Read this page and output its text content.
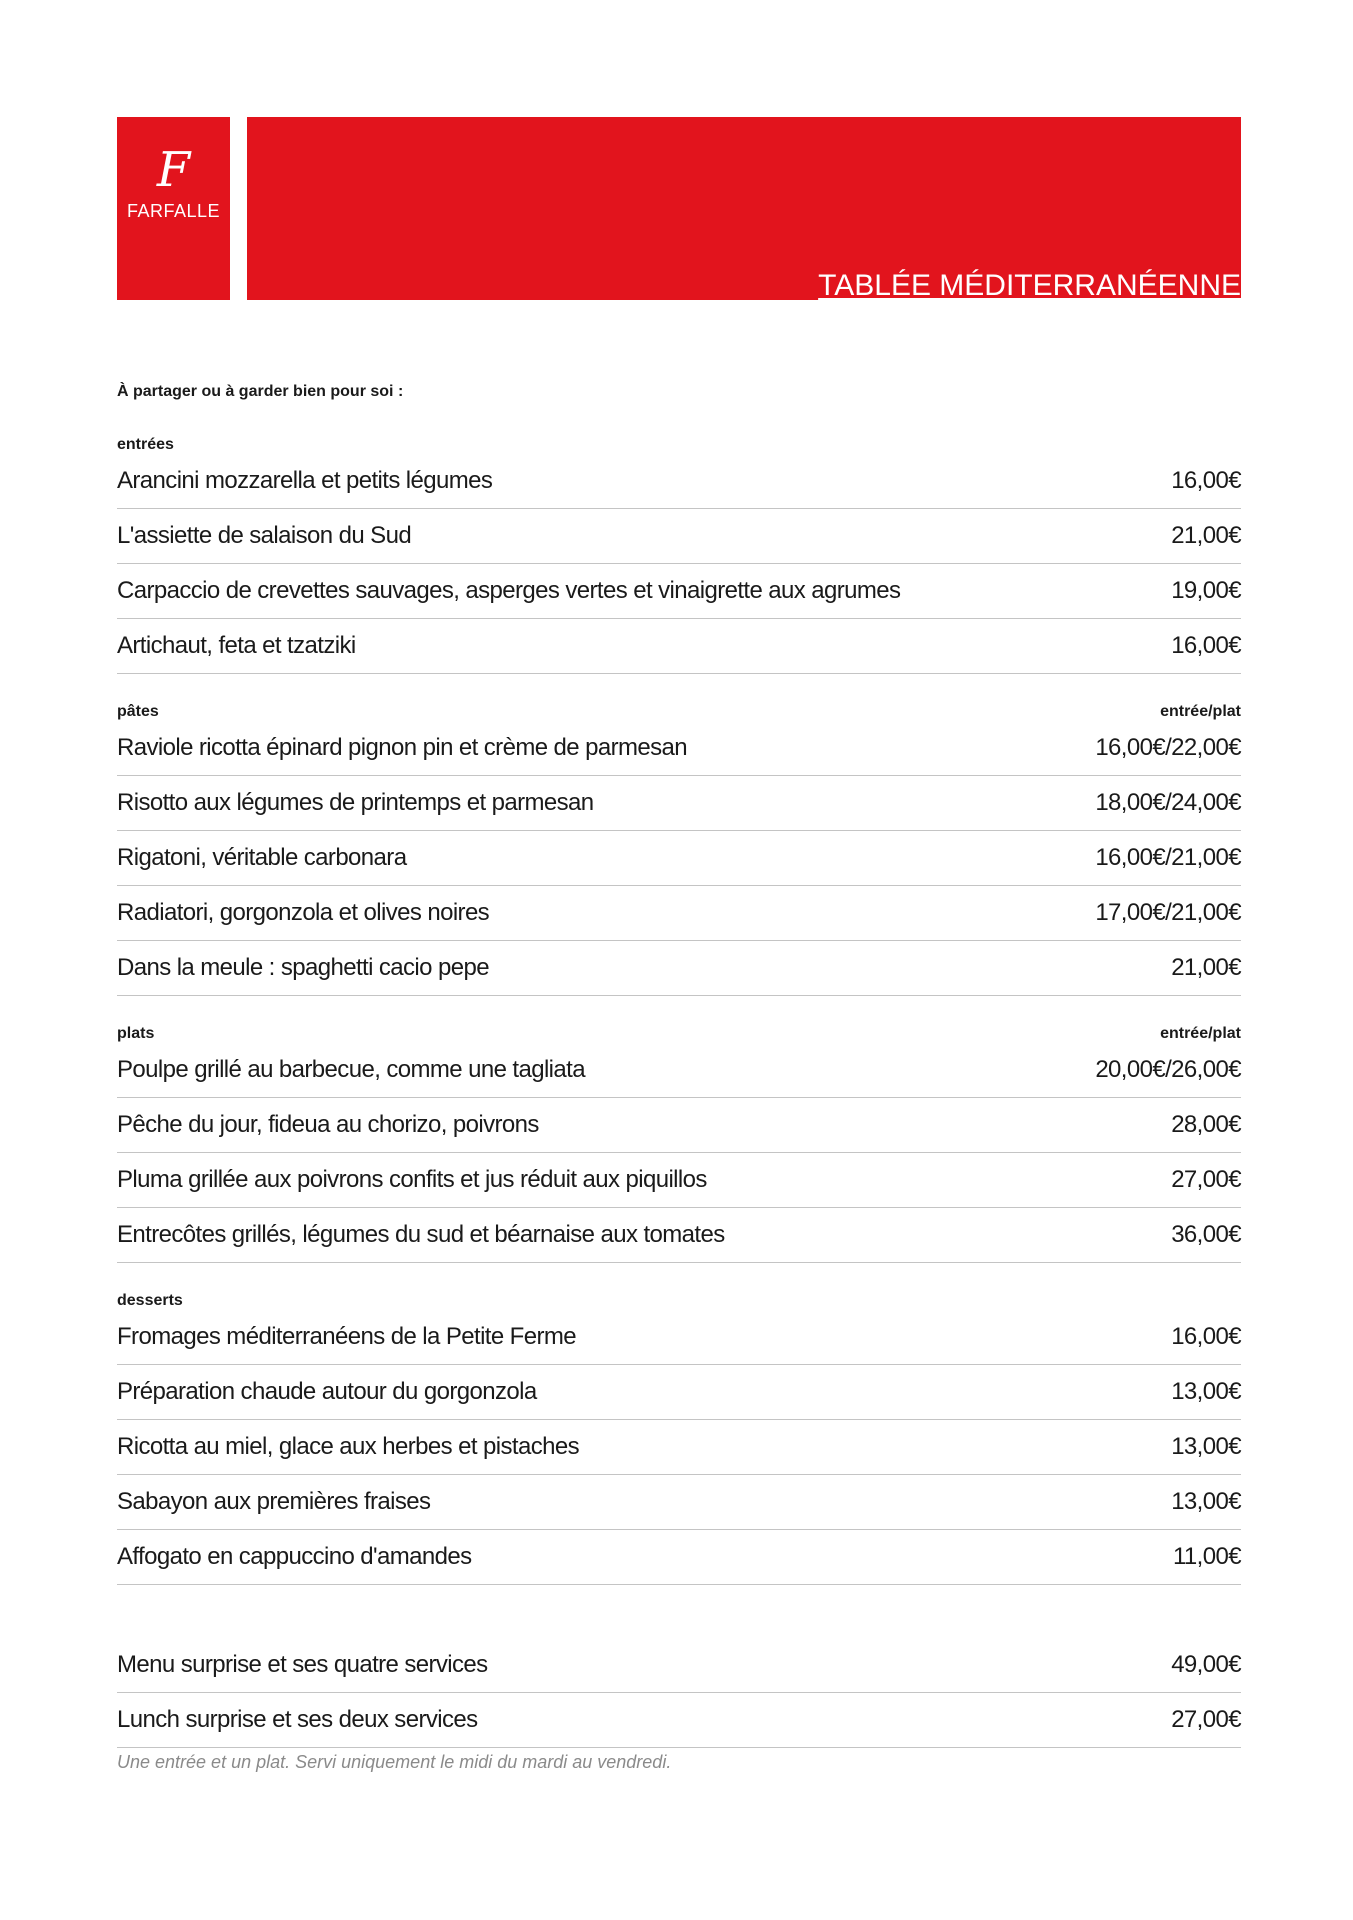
F
FARFALLE
TABLÉE MÉDITERRANÉENNE
À partager ou à garder bien pour soi :
entrées
Arancini mozzarella et petits légumes	16,00€
L'assiette de salaison du Sud	21,00€
Carpaccio de crevettes sauvages, asperges vertes et vinaigrette aux agrumes	19,00€
Artichaut, feta et tzatziki	16,00€
pâtes	entrée/plat
Raviole ricotta épinard pignon pin et crème de parmesan	16,00€/22,00€
Risotto aux légumes de printemps et parmesan	18,00€/24,00€
Rigatoni, véritable carbonara	16,00€/21,00€
Radiatori, gorgonzola et olives noires	17,00€/21,00€
Dans la meule : spaghetti cacio pepe	21,00€
plats	entrée/plat
Poulpe grillé au barbecue, comme une tagliata	20,00€/26,00€
Pêche du jour, fideua au chorizo, poivrons	28,00€
Pluma grillée aux poivrons confits et jus réduit aux piquillos	27,00€
Entrecôtes grillés, légumes du sud et béarnaise aux tomates	36,00€
desserts
Fromages méditerranéens de la Petite Ferme	16,00€
Préparation chaude autour du gorgonzola	13,00€
Ricotta au miel, glace aux herbes et pistaches	13,00€
Sabayon aux premières fraises	13,00€
Affogato en cappuccino d'amandes	11,00€
Menu surprise et ses quatre services	49,00€
Lunch surprise et ses deux services	27,00€
Une entrée et un plat. Servi uniquement le midi du mardi au vendredi.
